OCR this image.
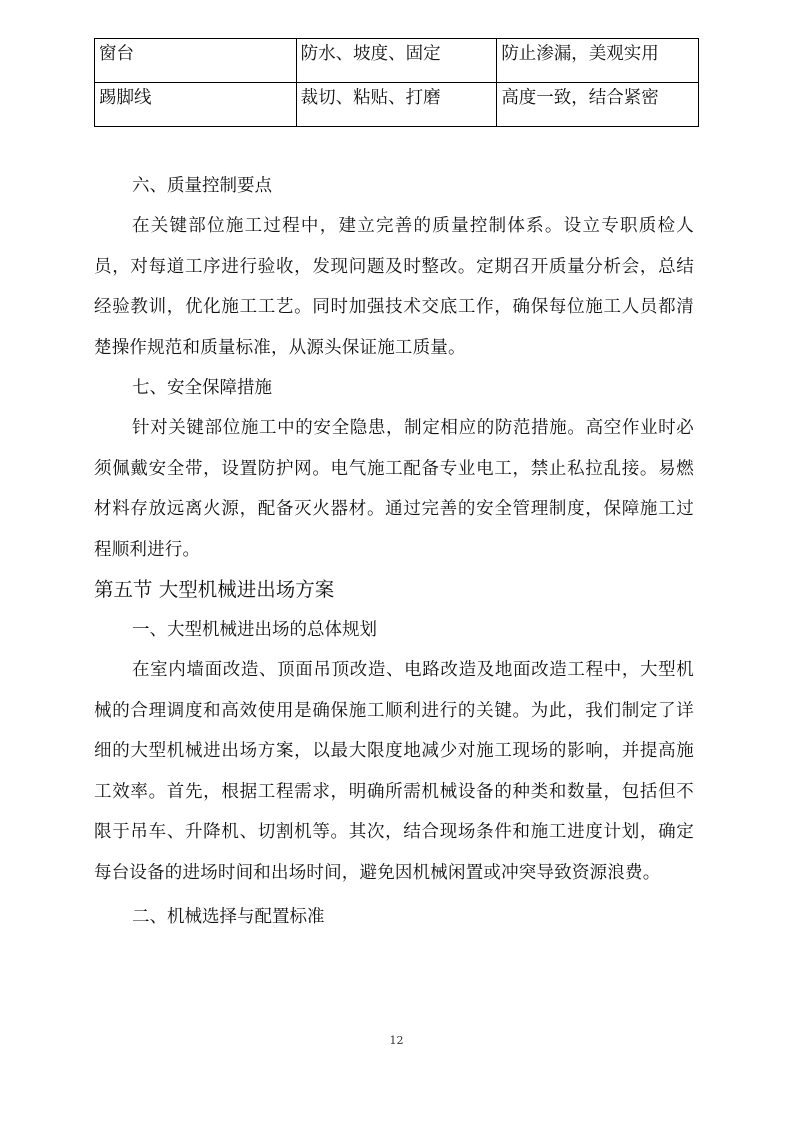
窗台	防水、坡度、固定	防止渗漏，美观实用
踢脚线	裁切、粘贴、打磨	高度一致，结合紧密
六、质量控制要点
在关键部位施工过程中，建立完善的质量控制体系。设立专职质检人员，对每道工序进行验收，发现问题及时整改。定期召开质量分析会，总结经验教训，优化施工工艺。同时加强技术交底工作，确保每位施工人员都清楚操作规范和质量标准，从源头保证施工质量。
七、安全保障措施
针对关键部位施工中的安全隐患，制定相应的防范措施。高空作业时必须佩戴安全带，设置防护网。电气施工配备专业电工，禁止私拉乱接。易燃材料存放远离火源，配备灭火器材。通过完善的安全管理制度，保障施工过程顺利进行。
第五节 大型机械进出场方案
一、大型机械进出场的总体规划
在室内墙面改造、顶面吊顶改造、电路改造及地面改造工程中，大型机械的合理调度和高效使用是确保施工顺利进行的关键。为此，我们制定了详细的大型机械进出场方案，以最大限度地减少对施工现场的影响，并提高施工效率。首先，根据工程需求，明确所需机械设备的种类和数量，包括但不限于吊车、升降机、切割机等。其次，结合现场条件和施工进度计划，确定每台设备的进场时间和出场时间，避免因机械闲置或冲突导致资源浪费。
二、机械选择与配置标准
12
